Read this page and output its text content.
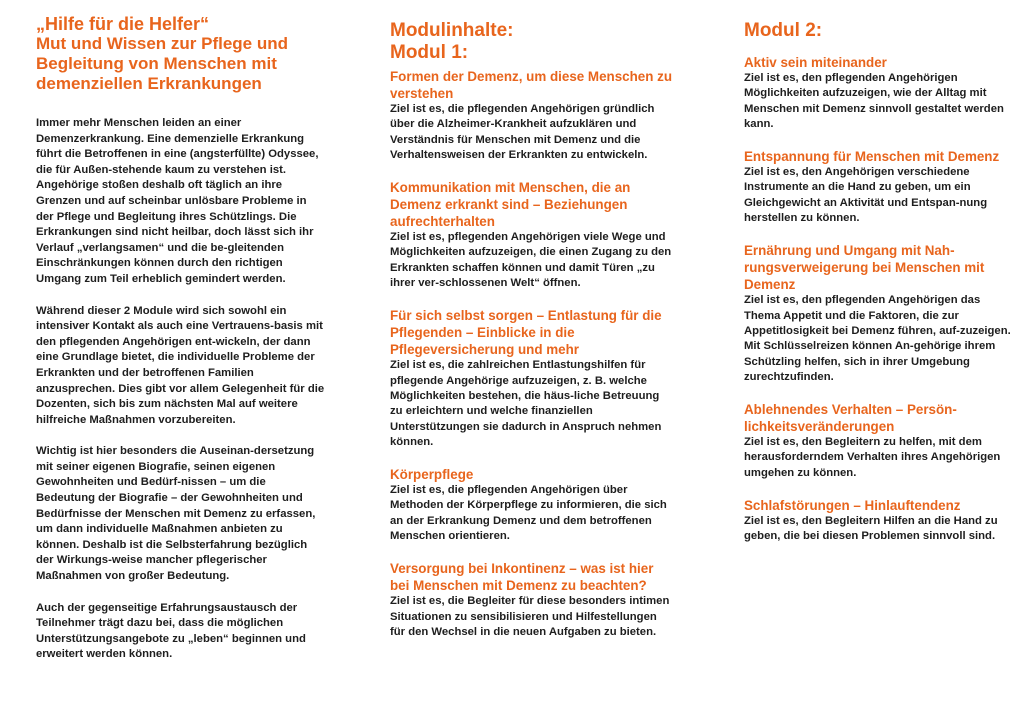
„Hilfe für die Helfer“
Mut und Wissen zur Pflege und Begleitung von Menschen mit demenziellen Erkrankungen

Immer mehr Menschen leiden an einer Demenzerkrankung. Eine demenzielle Erkrankung führt die Betroffenen in eine (angsterfüllte) Odyssee, die für Außen-stehende kaum zu verstehen ist. Angehörige stoßen deshalb oft täglich an ihre Grenzen und auf scheinbar unlösbare Probleme in der Pflege und Begleitung ihres Schützlings. Die Erkrankungen sind nicht heilbar, doch lässt sich ihr Verlauf „verlangsamen“ und die be-gleitenden Einschränkungen können durch den richtigen Umgang zum Teil erheblich gemindert werden.

Während dieser 2 Module wird sich sowohl ein intensiver Kontakt als auch eine Vertrauens-basis mit den pflegenden Angehörigen ent-wickeln, der dann eine Grundlage bietet, die individuelle Probleme der Erkrankten und der betroffenen Familien anzusprechen. Dies gibt vor allem Gelegenheit für die Dozenten, sich bis zum nächsten Mal auf weitere hilfreiche Maßnahmen vorzubereiten.

Wichtig ist hier besonders die Auseinan-dersetzung mit seiner eigenen Biografie, seinen eigenen Gewohnheiten und Bedürf-nissen – um die Bedeutung der Biografie – der Gewohnheiten und Bedürfnisse der Menschen mit Demenz zu erfassen, um dann individuelle Maßnahmen anbieten zu können. Deshalb ist die Selbsterfahrung bezüglich der Wirkungs-weise mancher pflegerischer Maßnahmen von großer Bedeutung.

Auch der gegenseitige Erfahrungsaustausch der Teilnehmer trägt dazu bei, dass die möglichen Unterstützungsangebote zu „leben“ beginnen und erweitert werden können.

Modulinhalte:
Modul 1:
Formen der Demenz, um diese Menschen zu verstehen

Ziel ist es, die pflegenden Angehörigen gründlich über die Alzheimer-Krankheit aufzuklären und Verständnis für Menschen mit Demenz und die Verhaltensweisen der Erkrankten zu entwickeln.

Kommunikation mit Menschen, die an Demenz erkrankt sind – Beziehungen aufrechterhalten

Ziel ist es, pflegenden Angehörigen viele Wege und Möglichkeiten aufzuzeigen, die einen Zugang zu den Erkrankten schaffen können und damit Türen „zu ihrer ver-schlossenen Welt“ öffnen.

Für sich selbst sorgen – Entlastung für die Pflegenden – Einblicke in die Pflegeversicherung und mehr

Ziel ist es, die zahlreichen Entlastungshilfen für pflegende Angehörige aufzuzeigen, z. B. welche Möglichkeiten bestehen, die häus-liche Betreuung zu erleichtern und welche finanziellen Unterstützungen sie dadurch in Anspruch nehmen können.

Körperpflege

Ziel ist es, die pflegenden Angehörigen über Methoden der Körperpflege zu informieren, die sich an der Erkrankung Demenz und dem betroffenen Menschen orientieren.

Versorgung bei Inkontinenz – was ist hier bei Menschen mit Demenz zu beachten?

Ziel ist es, die Begleiter für diese besonders intimen Situationen zu sensibilisieren und Hilfestellungen für den Wechsel in die neuen Aufgaben zu bieten.

Modul 2:
Aktiv sein miteinander

Ziel ist es, den pflegenden Angehörigen Möglichkeiten aufzuzeigen, wie der Alltag mit Menschen mit Demenz sinnvoll gestaltet werden kann.

Entspannung für Menschen mit Demenz

Ziel ist es, den Angehörigen verschiedene Instrumente an die Hand zu geben, um ein Gleichgewicht an Aktivität und Entspan-nung herstellen zu können.

Ernährung und Umgang mit Nah-rungsverweigerung bei Menschen mit Demenz

Ziel ist es, den pflegenden Angehörigen das Thema Appetit und die Faktoren, die zur Appetitlosigkeit bei Demenz führen, auf-zuzeigen. Mit Schlüsselreizen können An-gehörige ihrem Schützling helfen, sich in ihrer Umgebung zurechtzufinden.

Ablehnendes Verhalten – Persön-lichkeitsveränderungen

Ziel ist es, den Begleitern zu helfen, mit dem herausforderndem Verhalten ihres Angehörigen umgehen zu können.

Schlafstörungen – Hinlauftendenz

Ziel ist es, den Begleitern Hilfen an die Hand zu geben, die bei diesen Problemen sinnvoll sind.
